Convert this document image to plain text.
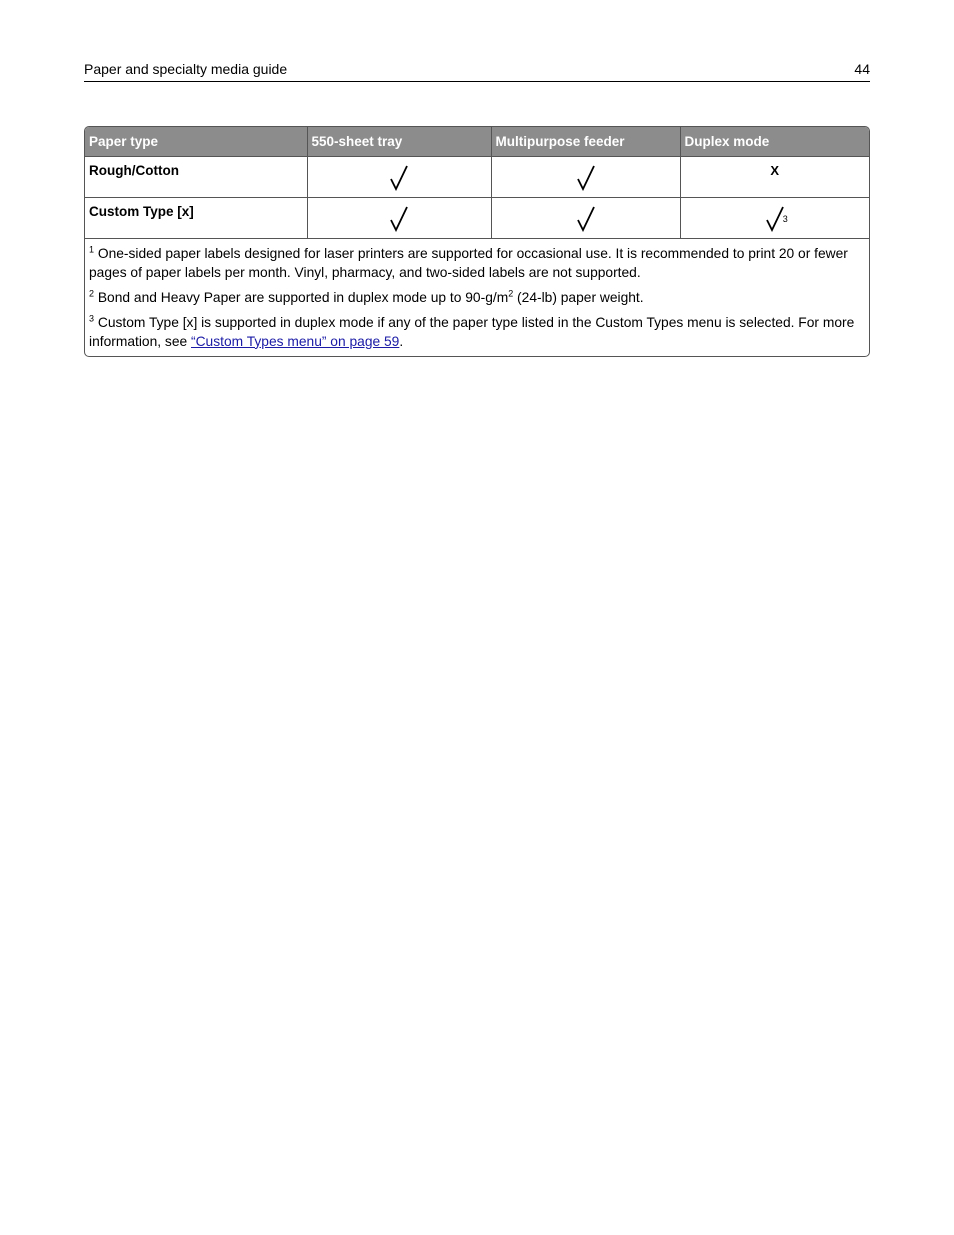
Paper and specialty media guide	44
Paper type	550-sheet tray	Multipurpose feeder	Duplex mode
Rough/Cotton			X

Custom Type [x]			3

$^1$ One-sided paper labels designed for laser printers are supported for occasional use. It is recommended to print 20 or fewer pages of paper labels per month. Vinyl, pharmacy, and two-sided labels are not supported.

$^2$ Bond and Heavy Paper are supported in duplex mode up to $90-g/m^2$ (24-lb) paper weight.

$^3$ Custom Type [x] is supported in duplex mode if any of the paper type listed in the Custom Types menu is selected. For more information, see “Custom Types menu” on page 59.
